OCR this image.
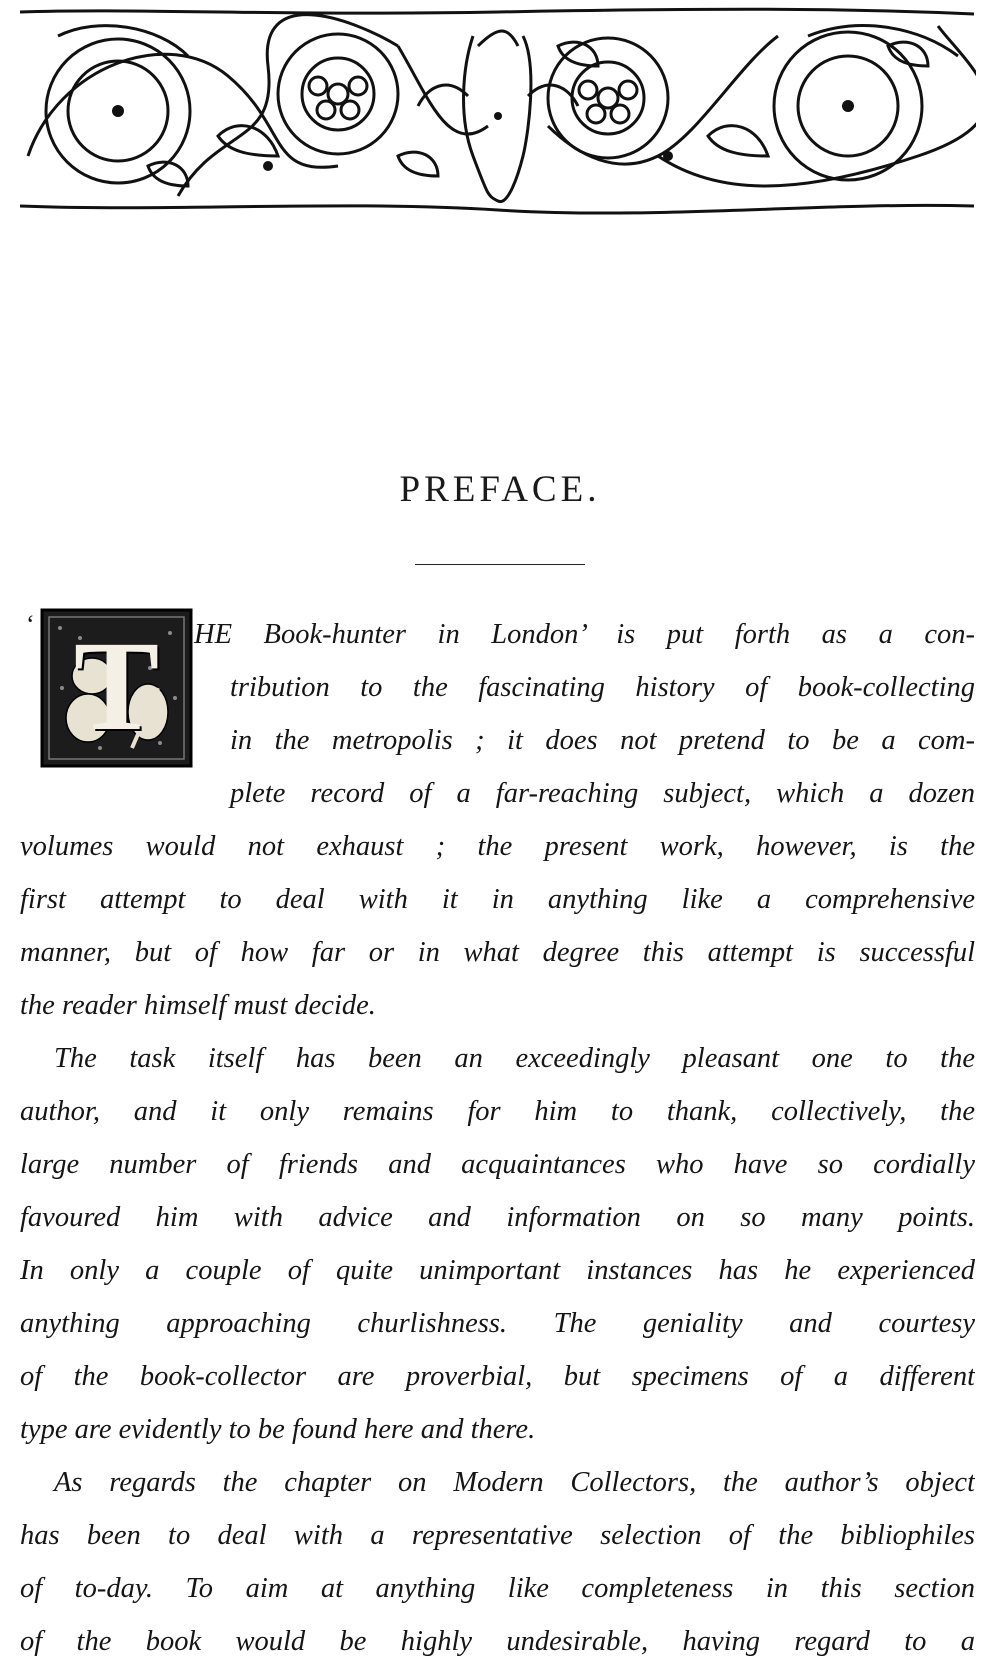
PREFACE.
‘ T	HE Book-hunter in London’ is put forth as a con-
tribution to the fascinating history of book-collecting
in the metropolis ; it does not pretend to be a com-
plete record of a far-reaching subject, which a dozen
volumes would not exhaust ; the present work, however, is the
first attempt to deal with it in anything like a comprehensive
manner, but of how far or in what degree this attempt is successful
the reader himself must decide.
The task itself has been an exceedingly pleasant one to the
author, and it only remains for him to thank, collectively, the
large number of friends and acquaintances who have so cordially
favoured him with advice and information on so many points.
In only a couple of quite unimportant instances has he experienced
anything approaching churlishness. The geniality and courtesy
of the book-collector are proverbial, but specimens of a different
type are evidently to be found here and there.
As regards the chapter on Modern Collectors, the author’s object
has been to deal with a representative selection of the bibliophiles
of to-day. To aim at anything like completeness in this section
of the book would be highly undesirable, having regard to a
